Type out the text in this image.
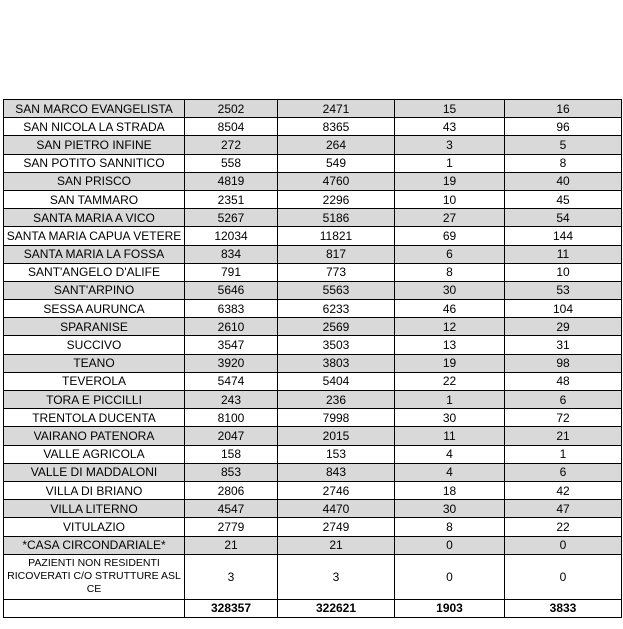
SAN MARCO EVANGELISTA	2502	2471	15	16
SAN NICOLA LA STRADA	8504	8365	43	96
SAN PIETRO INFINE	272	264	3	5
SAN POTITO SANNITICO	558	549	1	8
SAN PRISCO	4819	4760	19	40
SAN TAMMARO	2351	2296	10	45
SANTA MARIA A VICO	5267	5186	27	54
SANTA MARIA CAPUA VETERE	12034	11821	69	144
SANTA MARIA LA FOSSA	834	817	6	11
SANT'ANGELO D'ALIFE	791	773	8	10
SANT'ARPINO	5646	5563	30	53
SESSA AURUNCA	6383	6233	46	104
SPARANISE	2610	2569	12	29
SUCCIVO	3547	3503	13	31
TEANO	3920	3803	19	98
TEVEROLA	5474	5404	22	48
TORA E PICCILLI	243	236	1	6
TRENTOLA DUCENTA	8100	7998	30	72
VAIRANO PATENORA	2047	2015	11	21
VALLE AGRICOLA	158	153	4	1
VALLE DI MADDALONI	853	843	4	6
VILLA DI BRIANO	2806	2746	18	42
VILLA LITERNO	4547	4470	30	47
VITULAZIO	2779	2749	8	22
*CASA CIRCONDARIALE*	21	21	0	0
PAZIENTI NON RESIDENTI RICOVERATI C/O STRUTTURE ASL CE	3	3	0	0
	328357	322621	1903	3833
